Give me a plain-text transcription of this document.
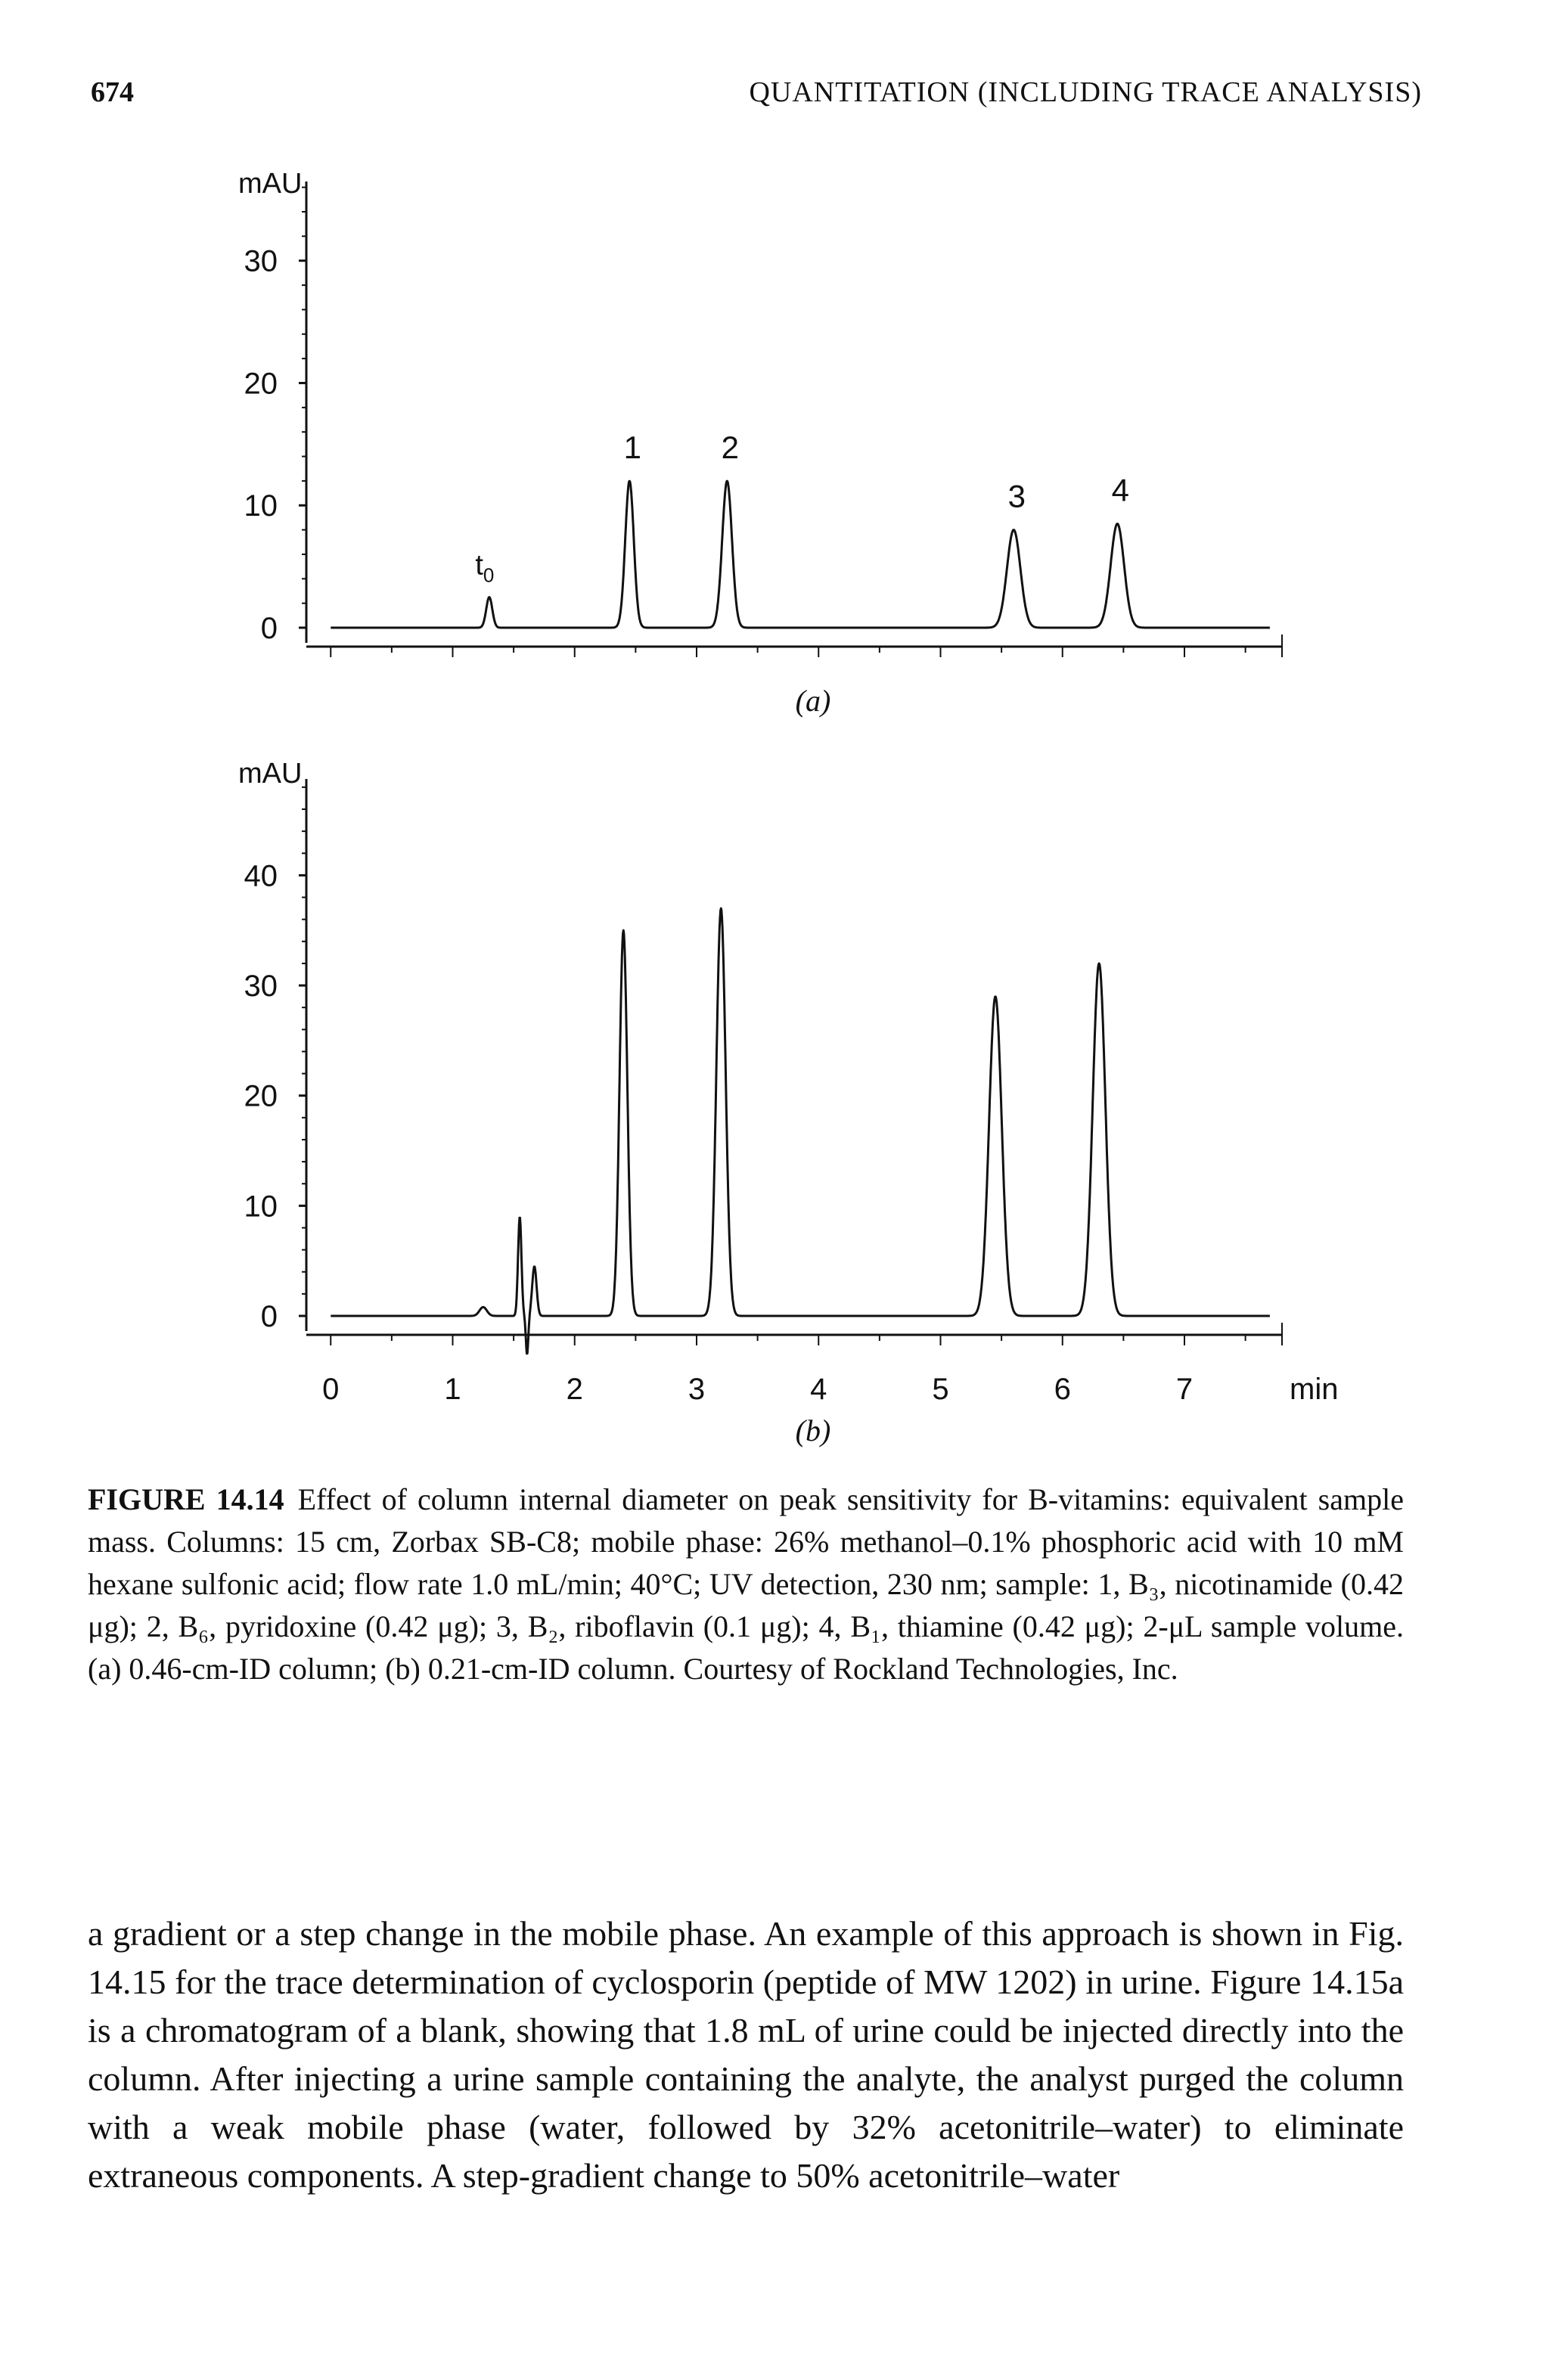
674	QUANTITATION (INCLUDING TRACE ANALYSIS)
mAU
0
10
20
30
$t_0$
1	2
3	4
(a)
mAU
0
10
20
30
40
0	1	2	3	4	5	6	7	min
(b)
FIGURE 14.14 Effect of column internal diameter on peak sensitivity for B-vitamins: equivalent sample mass. Columns: 15 cm, Zorbax SB-C8; mobile phase: 26% methanol–0.1% phosphoric acid with 10 mM hexane sulfonic acid; flow rate 1.0 mL/min; 40°C; UV detection, 230 nm; sample: 1, B₃, nicotinamide (0.42 μg); 2, B₆, pyridoxine (0.42 μg); 3, B₂, riboflavin (0.1 μg); 4, B₁, thiamine (0.42 μg); 2-μL sample volume. (a) 0.46-cm-ID column; (b) 0.21-cm-ID column. Courtesy of Rockland Technologies, Inc.

a gradient or a step change in the mobile phase. An example of this approach is shown in Fig. 14.15 for the trace determination of cyclosporin (peptide of MW 1202) in urine. Figure 14.15a is a chromatogram of a blank, showing that 1.8 mL of urine could be injected directly into the column. After injecting a urine sample containing the analyte, the analyst purged the column with a weak mobile phase (water, followed by 32% acetonitrile–water) to eliminate extraneous components. A step-gradient change to 50% acetonitrile–water
